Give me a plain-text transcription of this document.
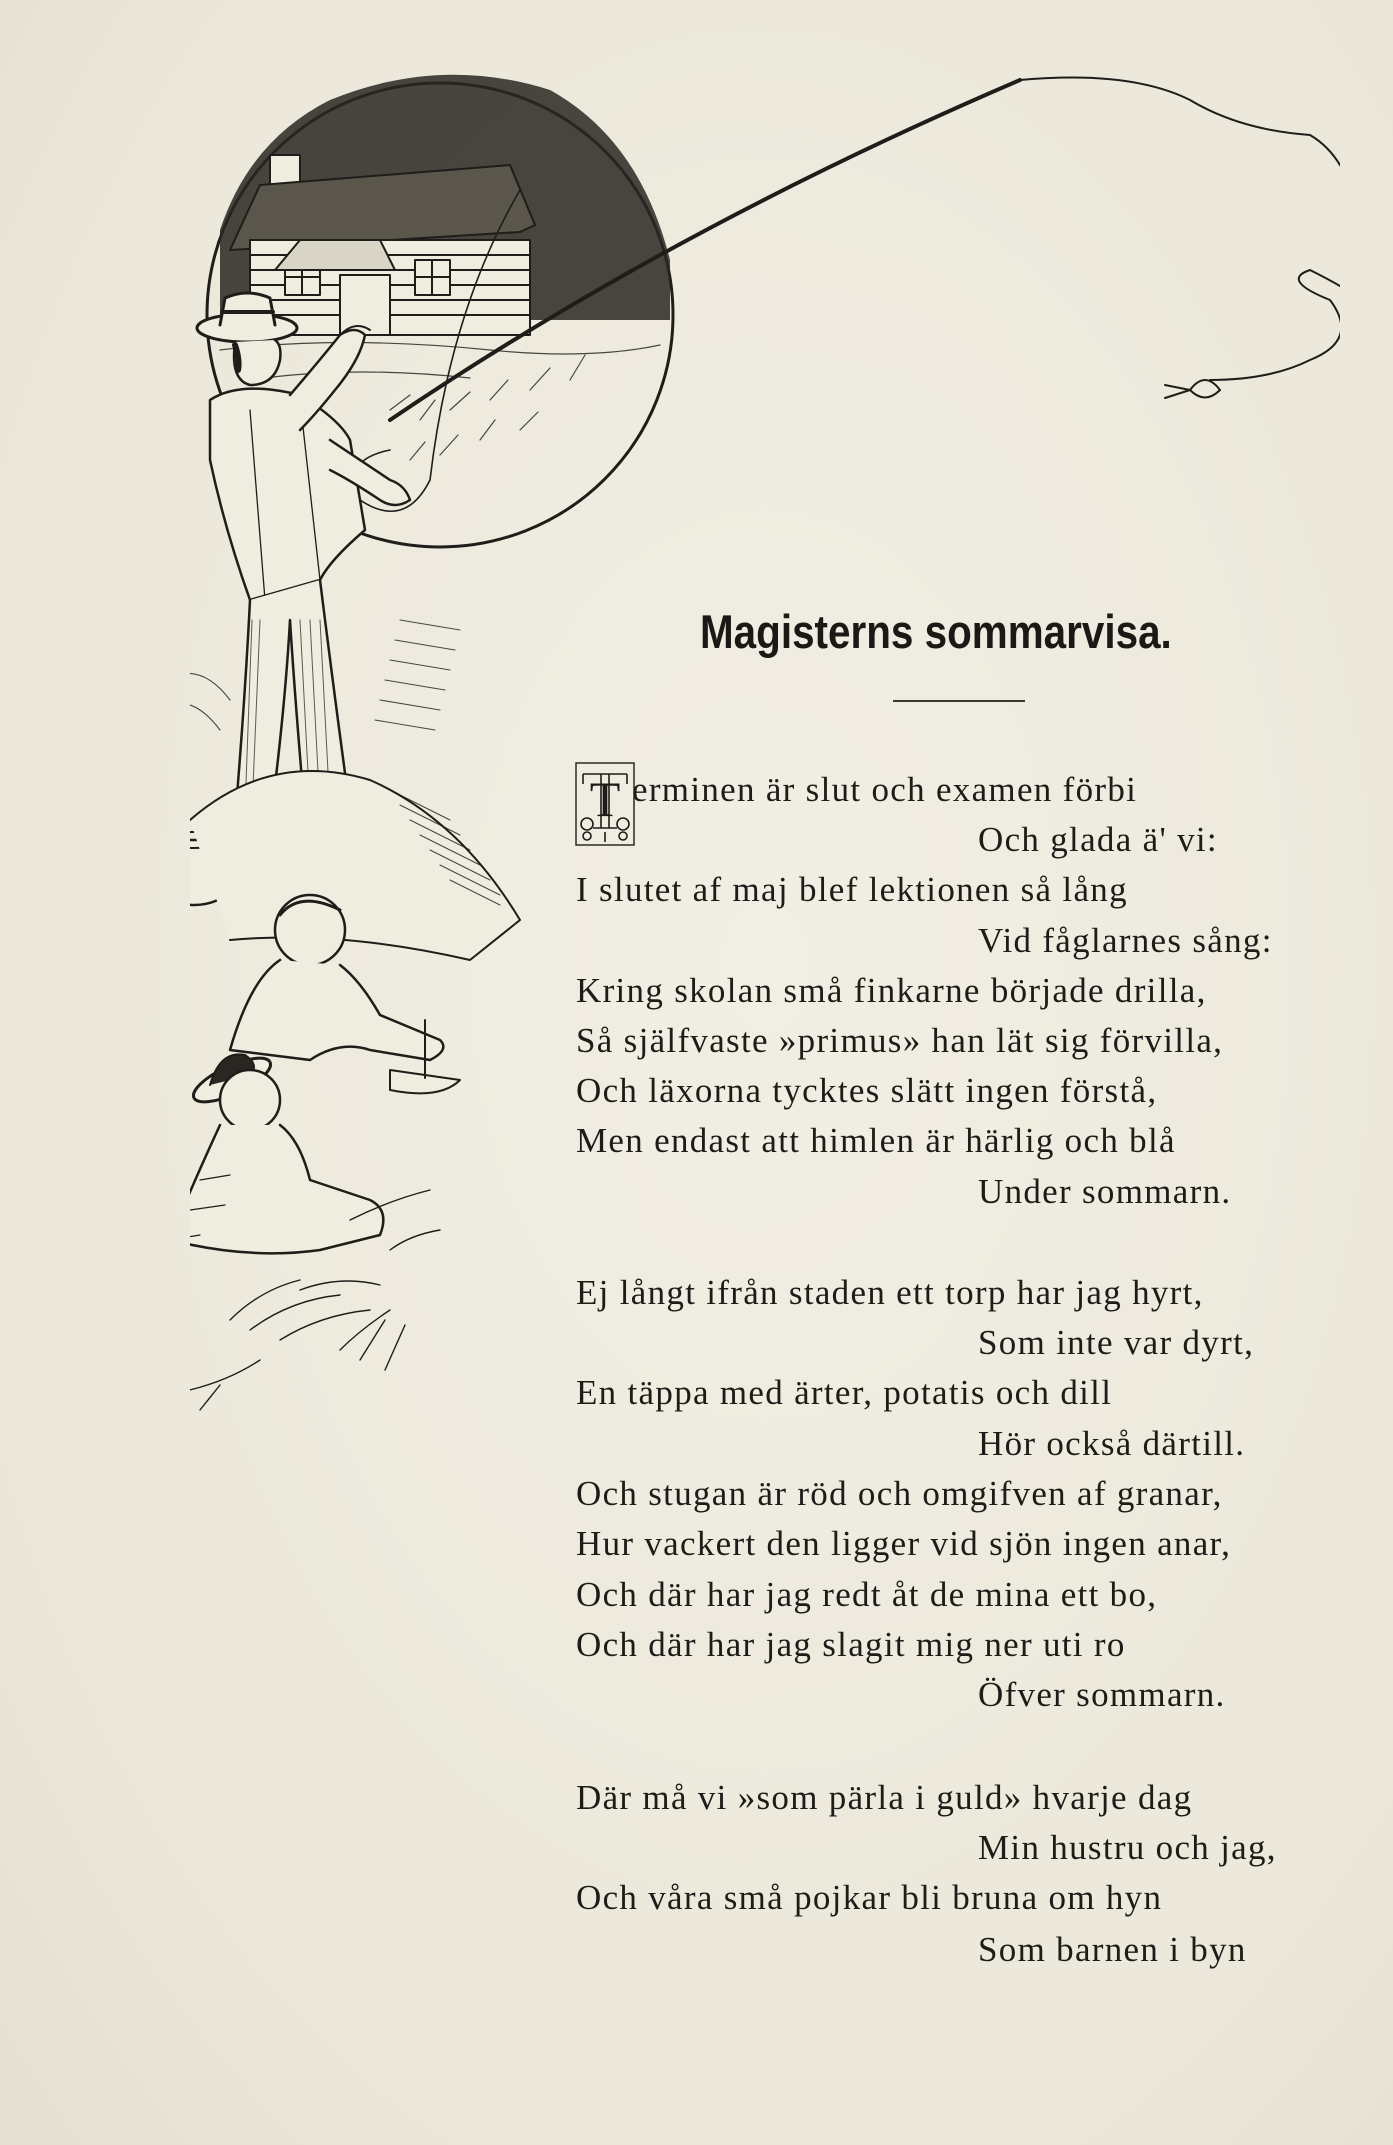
Magisterns sommarvisa.
T erminen är slut och examen förbi
Och glada ä' vi:
I slutet af maj blef lektionen så lång
Vid fåglarnes sång:
Kring skolan små finkarne började drilla,
Så själfvaste »primus» han lät sig förvilla,
Och läxorna tycktes slätt ingen förstå,
Men endast att himlen är härlig och blå
Under sommarn.
Ej långt ifrån staden ett torp har jag hyrt,
Som inte var dyrt,
En täppa med ärter, potatis och dill
Hör också därtill.
Och stugan är röd och omgifven af granar,
Hur vackert den ligger vid sjön ingen anar,
Och där har jag redt åt de mina ett bo,
Och där har jag slagit mig ner uti ro
Öfver sommarn.
Där må vi »som pärla i guld» hvarje dag
Min hustru och jag,
Och våra små pojkar bli bruna om hyn
Som barnen i byn
